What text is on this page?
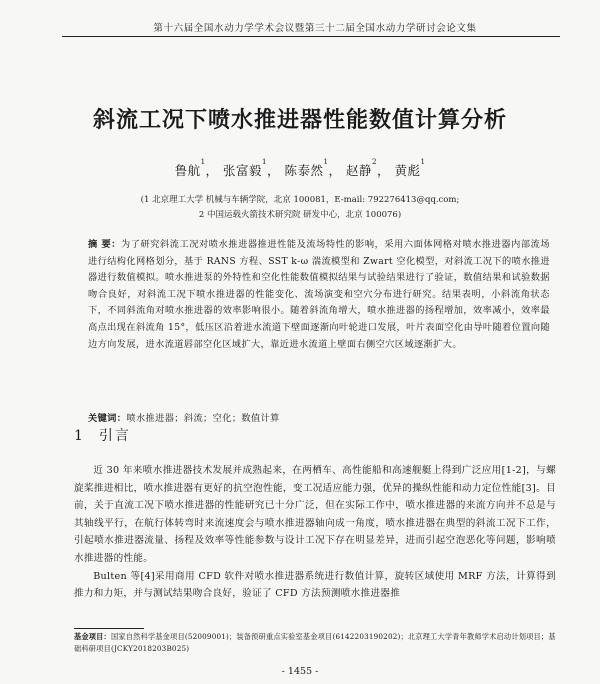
第十六届全国水动力学学术会议暨第三十二届全国水动力学研讨会论文集
斜流工况下喷水推进器性能数值计算分析
鲁航$^1$， 张富毅$^1$， 陈泰然$^1$， 赵静$^2$， 黄彪$^1$
(1 北京理工大学 机械与车辆学院，北京 100081，E-mail: 792276413@qq.com;
2 中国运载火箭技术研究院 研发中心，北京 100076)
摘 要：为了研究斜流工况对喷水推进器推进性能及流场特性的影响，采用六面体网格对喷水推进器内部流场进行结构化网格划分，基于 RANS 方程、SST k-ω 湍流模型和 Zwart 空化模型，对斜流工况下的喷水推进器进行数值模拟。喷水推进泵的外特性和空化性能数值模拟结果与试验结果进行了验证，数值结果和试验数据吻合良好，对斜流工况下喷水推进器的性能变化、流场演变和空穴分布进行研究。结果表明，小斜流角状态下，不同斜流角对喷水推进器的效率影响很小。随着斜流角增大，喷水推进器的扬程增加，效率减小，效率最高点出现在斜流角 15°，低压区沿着进水流道下壁面逐渐向叶轮进口发展，叶片表面空化由导叶随着位置向随边方向发展，进水流道唇部空化区域扩大，靠近进水流道上壁面右侧空穴区域逐渐扩大。
关键词：喷水推进器；斜流；空化；数值计算
1 引言

近 30 年来喷水推进器技术发展并成熟起来，在两栖车、高性能船和高速舰艇上得到广泛应用[1-2]，与螺旋桨推进相比，喷水推进器有更好的抗空泡性能，变工况适应能力强，优异的操纵性能和动力定位性能[3]。目前，关于直流工况下喷水推进器的性能研究已十分广泛，但在实际工作中，喷水推进器的来流方向并不总是与其轴线平行，在航行体转弯时来流速度会与喷水推进器轴向成一角度，喷水推进器在典型的斜流工况下工作，引起喷水推进器流量、扬程及效率等性能参数与设计工况下存在明显差异，进而引起空泡恶化等问题，影响喷水推进器的性能。

Bulten 等[4]采用商用 CFD 软件对喷水推进器系统进行数值计算，旋转区域使用 MRF 方法，计算得到推力和力矩，并与测试结果吻合良好，验证了 CFD 方法预测喷水推进器推

基金项目：国家自然科学基金项目(52009001)；装备预研重点实验室基金项目(6142203190202)；北京理工大学青年教师学术启动计划项目；基础科研项目(JCKY2018203B025)
- 1455 -
